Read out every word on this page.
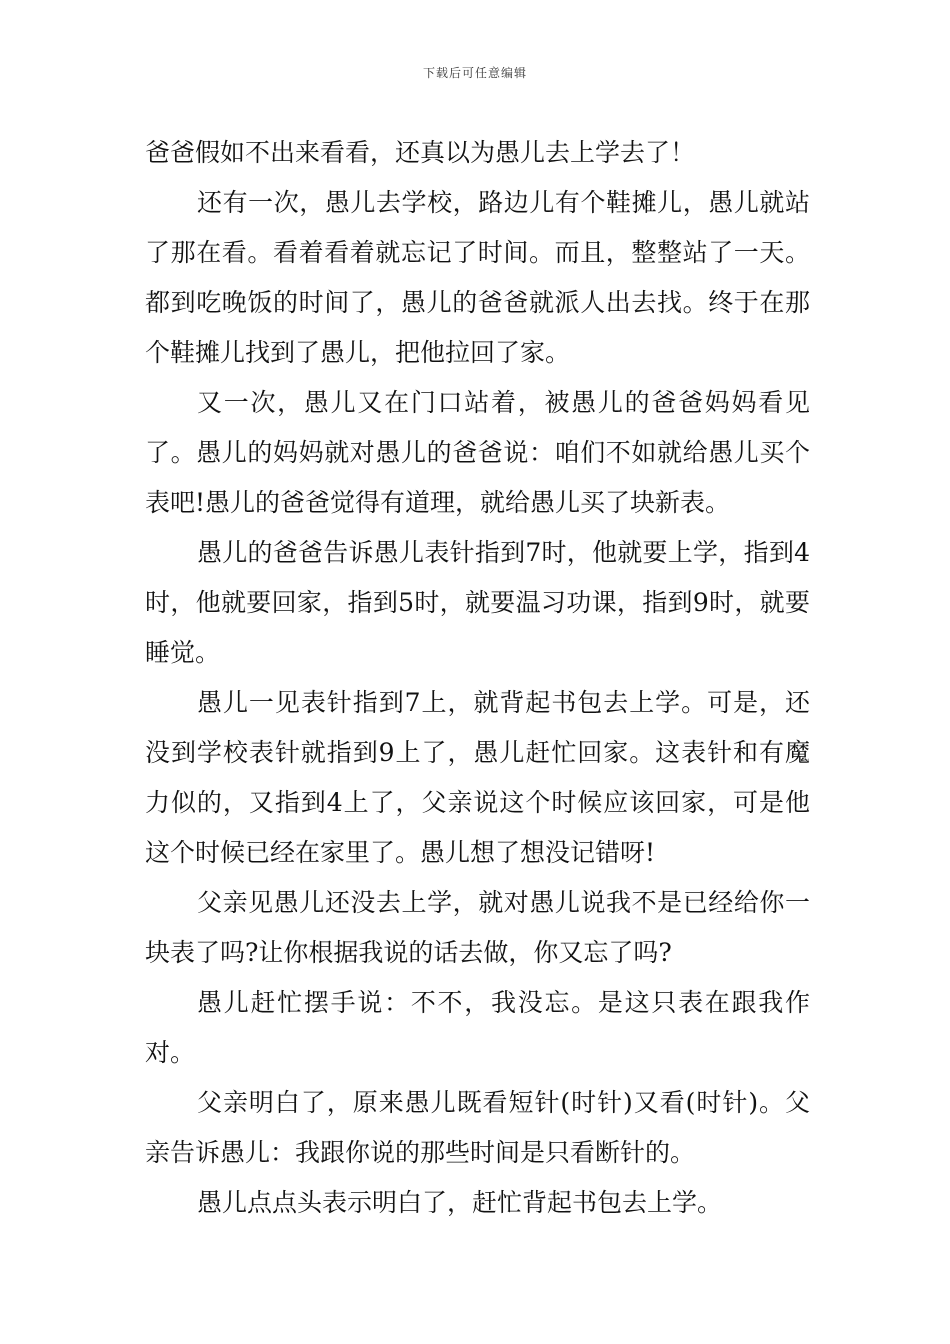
下载后可任意编辑

爸爸假如不出来看看，还真以为愚儿去上学去了！

还有一次，愚儿去学校，路边儿有个鞋摊儿，愚儿就站了那在看。看着看着就忘记了时间。而且，整整站了一天。都到吃晚饭的时间了，愚儿的爸爸就派人出去找。终于在那个鞋摊儿找到了愚儿，把他拉回了家。

又一次，愚儿又在门口站着，被愚儿的爸爸妈妈看见了。愚儿的妈妈就对愚儿的爸爸说：咱们不如就给愚儿买个表吧!愚儿的爸爸觉得有道理，就给愚儿买了块新表。

愚儿的爸爸告诉愚儿表针指到7时，他就要上学，指到4时，他就要回家，指到5时，就要温习功课，指到9时，就要睡觉。

愚儿一见表针指到7上，就背起书包去上学。可是，还没到学校表针就指到9上了，愚儿赶忙回家。这表针和有魔力似的，又指到4上了，父亲说这个时候应该回家，可是他这个时候已经在家里了。愚儿想了想没记错呀!

父亲见愚儿还没去上学，就对愚儿说我不是已经给你一块表了吗?让你根据我说的话去做，你又忘了吗?

愚儿赶忙摆手说：不不，我没忘。是这只表在跟我作对。

父亲明白了，原来愚儿既看短针(时针)又看(时针)。父亲告诉愚儿：我跟你说的那些时间是只看断针的。

愚儿点点头表示明白了，赶忙背起书包去上学。
